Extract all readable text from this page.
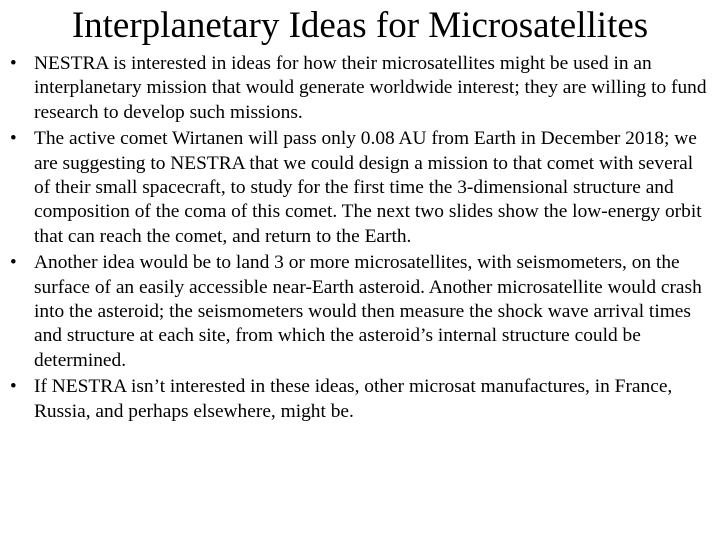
Interplanetary Ideas for Microsatellites
• NESTRA is interested in ideas for how their microsatellites might be used in an interplanetary mission that would generate worldwide interest; they are willing to fund research to develop such missions.
• The active comet Wirtanen will pass only 0.08 AU from Earth in December 2018; we are suggesting to NESTRA that we could design a mission to that comet with several of their small spacecraft, to study for the first time the 3-dimensional structure and composition of the coma of this comet. The next two slides show the low-energy orbit that can reach the comet, and return to the Earth.
• Another idea would be to land 3 or more microsatellites, with seismometers, on the surface of an easily accessible near-Earth asteroid. Another microsatellite would crash into the asteroid; the seismometers would then measure the shock wave arrival times and structure at each site, from which the asteroid’s internal structure could be determined.
• If NESTRA isn’t interested in these ideas, other microsat manufactures, in France, Russia, and perhaps elsewhere, might be.
